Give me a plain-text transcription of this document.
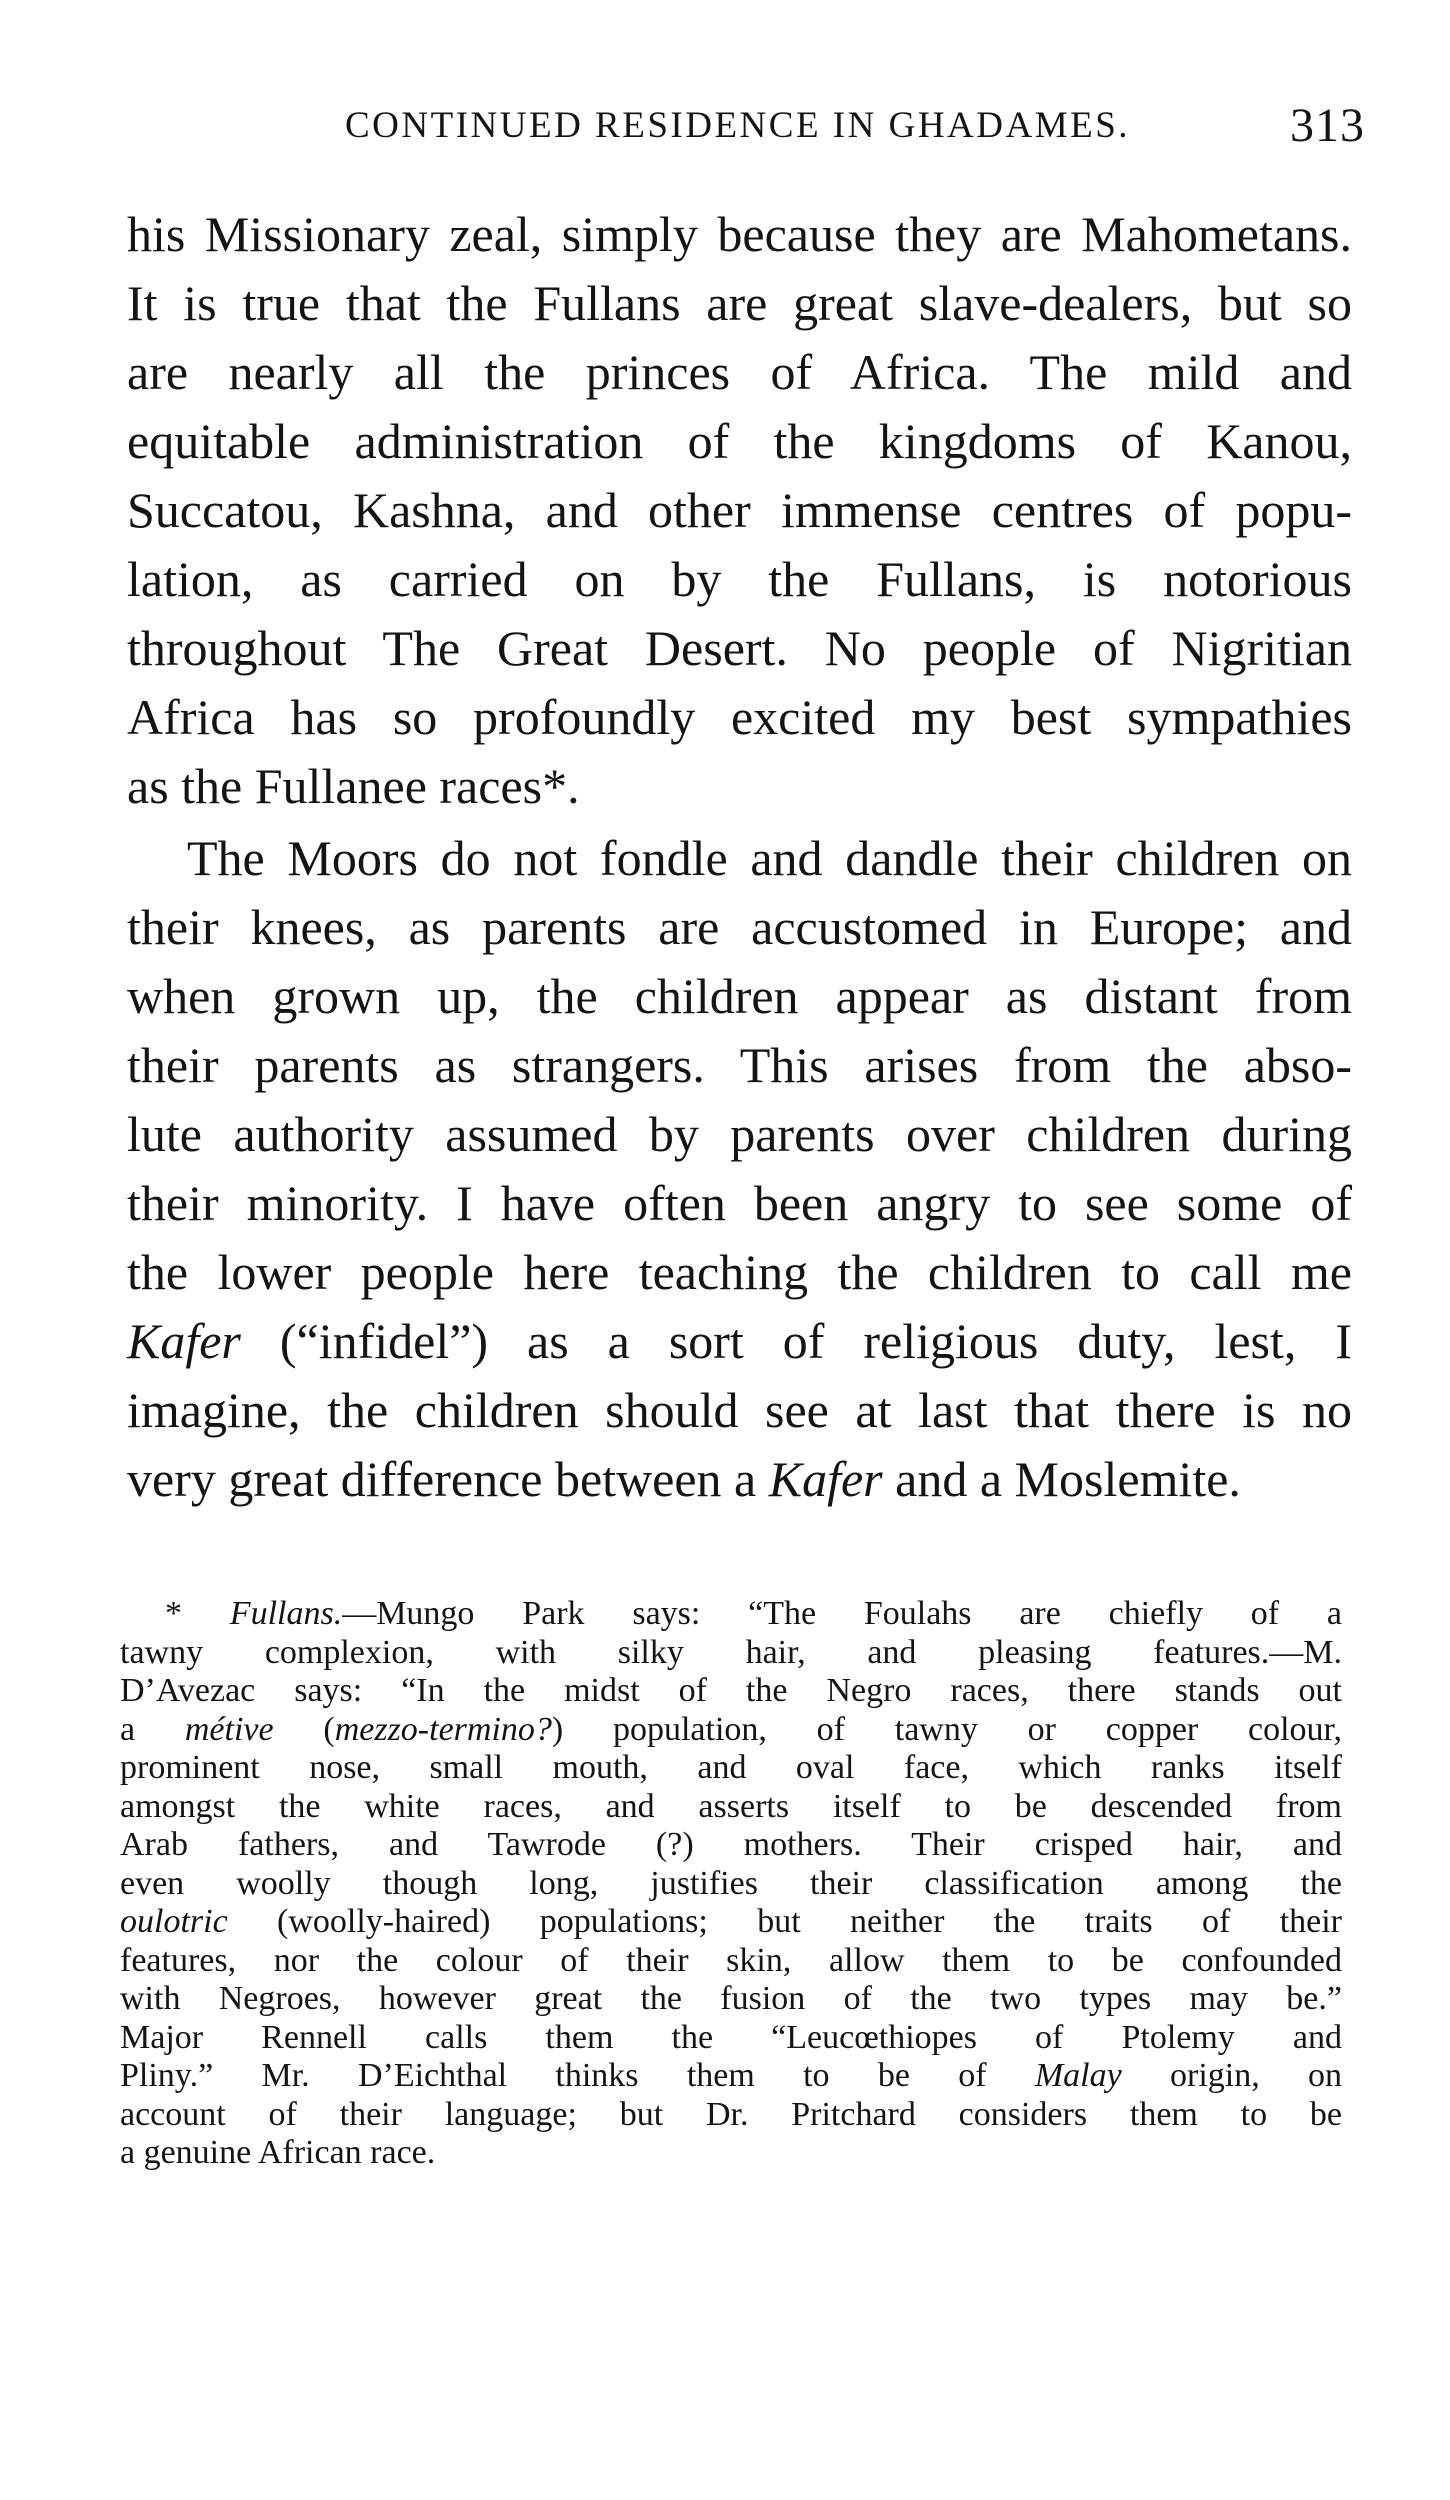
CONTINUED RESIDENCE IN GHADAMES.	313
his Missionary zeal, simply because they are Mahometans.
It is true that the Fullans are great slave-dealers, but so
are nearly all the princes of Africa. The mild and
equitable administration of the kingdoms of Kanou,
Succatou, Kashna, and other immense centres of popu-
lation, as carried on by the Fullans, is notorious
throughout The Great Desert. No people of Nigritian
Africa has so profoundly excited my best sympathies
as the Fullanee races*.
The Moors do not fondle and dandle their children on
their knees, as parents are accustomed in Europe; and
when grown up, the children appear as distant from
their parents as strangers. This arises from the abso-
lute authority assumed by parents over children during
their minority. I have often been angry to see some of
the lower people here teaching the children to call me
Kafer (“infidel”) as a sort of religious duty, lest, I
imagine, the children should see at last that there is no
very great difference between a Kafer and a Moslemite.
* Fullans.—Mungo Park says: “The Foulahs are chiefly of a
tawny complexion, with silky hair, and pleasing features.—M.
D’Avezac says: “In the midst of the Negro races, there stands out
a métive (mezzo-termino?) population, of tawny or copper colour,
prominent nose, small mouth, and oval face, which ranks itself
amongst the white races, and asserts itself to be descended from
Arab fathers, and Tawrode (?) mothers. Their crisped hair, and
even woolly though long, justifies their classification among the
oulotric (woolly-haired) populations; but neither the traits of their
features, nor the colour of their skin, allow them to be confounded
with Negroes, however great the fusion of the two types may be.”
Major Rennell calls them the “Leucœthiopes of Ptolemy and
Pliny.” Mr. D’Eichthal thinks them to be of Malay origin, on
account of their language; but Dr. Pritchard considers them to be
a genuine African race.
